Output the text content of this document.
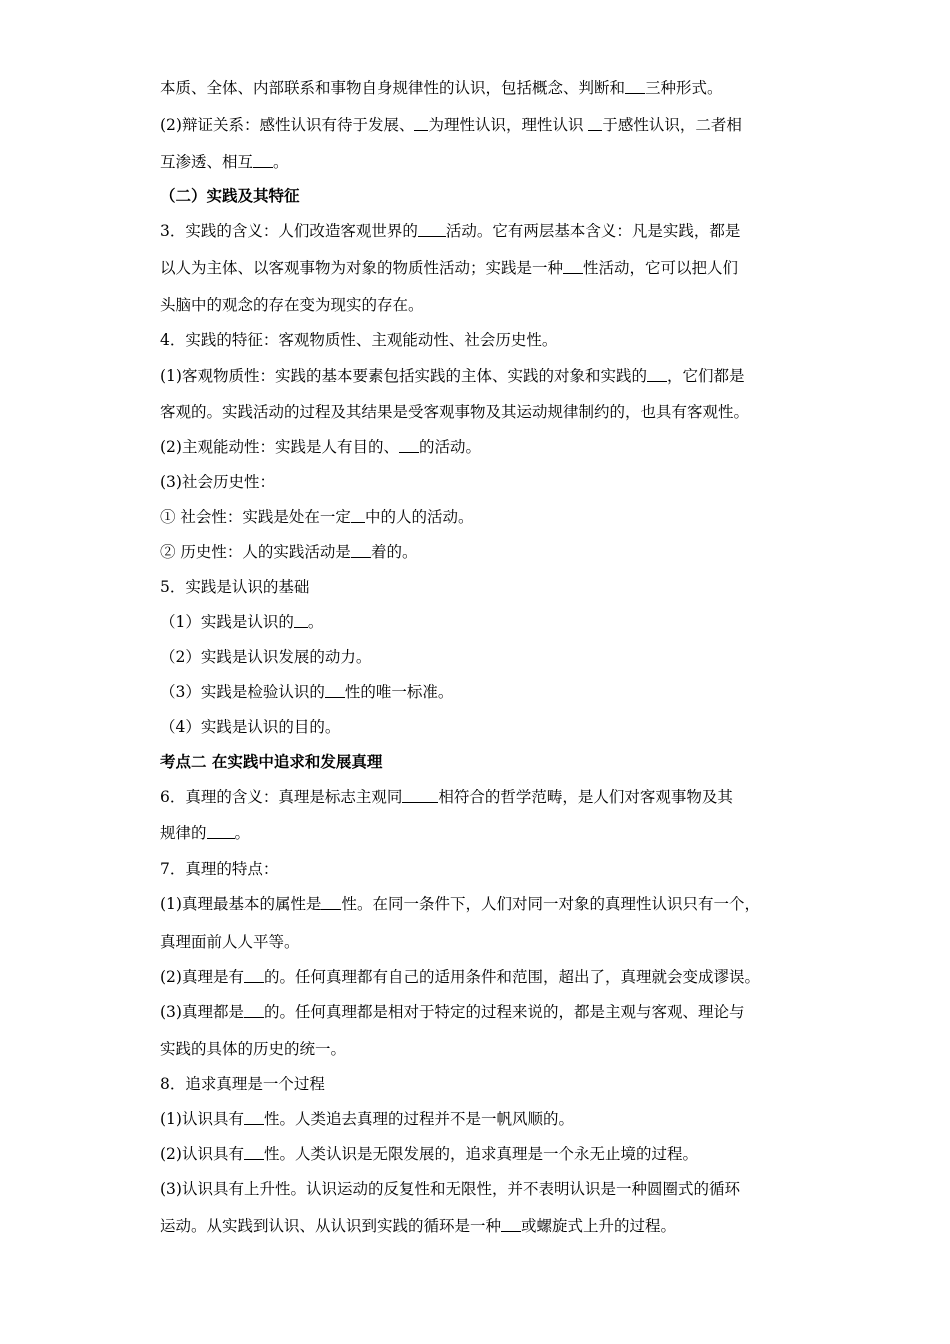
本质、全体、内部联系和事物自身规律性的认识，包括概念、判断和 三种形式。
(2)辩证关系：感性认识有待于发展、 为理性认识，理性认识 于感性认识，二者相
互渗透、相互 。
（二）实践及其特征
3．实践的含义：人们改造客观世界的 活动。它有两层基本含义：凡是实践，都是
以人为主体、以客观事物为对象的物质性活动；实践是一种 性活动，它可以把人们
头脑中的观念的存在变为现实的存在。
4．实践的特征：客观物质性、主观能动性、社会历史性。
(1)客观物质性：实践的基本要素包括实践的主体、实践的对象和实践的 ，它们都是
客观的。实践活动的过程及其结果是受客观事物及其运动规律制约的，也具有客观性。
(2)主观能动性：实践是人有目的、 的活动。
(3)社会历史性：
① 社会性：实践是处在一定 中的人的活动。
② 历史性：人的实践活动是 着的。
5．实践是认识的基础
（1）实践是认识的 。
（2）实践是认识发展的动力。
（3）实践是检验认识的 性的唯一标准。
（4）实践是认识的目的。
考点二 在实践中追求和发展真理
6．真理的含义：真理是标志主观同 相符合的哲学范畴，是人们对客观事物及其
规律的 。
7．真理的特点：
(1)真理最基本的属性是 性。在同一条件下，人们对同一对象的真理性认识只有一个，
真理面前人人平等。
(2)真理是有 的。任何真理都有自己的适用条件和范围，超出了，真理就会变成谬误。
(3)真理都是 的。任何真理都是相对于特定的过程来说的，都是主观与客观、理论与
实践的具体的历史的统一。
8．追求真理是一个过程
(1)认识具有 性。人类追去真理的过程并不是一帆风顺的。
(2)认识具有 性。人类认识是无限发展的，追求真理是一个永无止境的过程。
(3)认识具有上升性。认识运动的反复性和无限性，并不表明认识是一种圆圈式的循环
运动。从实践到认识、从认识到实践的循环是一种 或螺旋式上升的过程。
